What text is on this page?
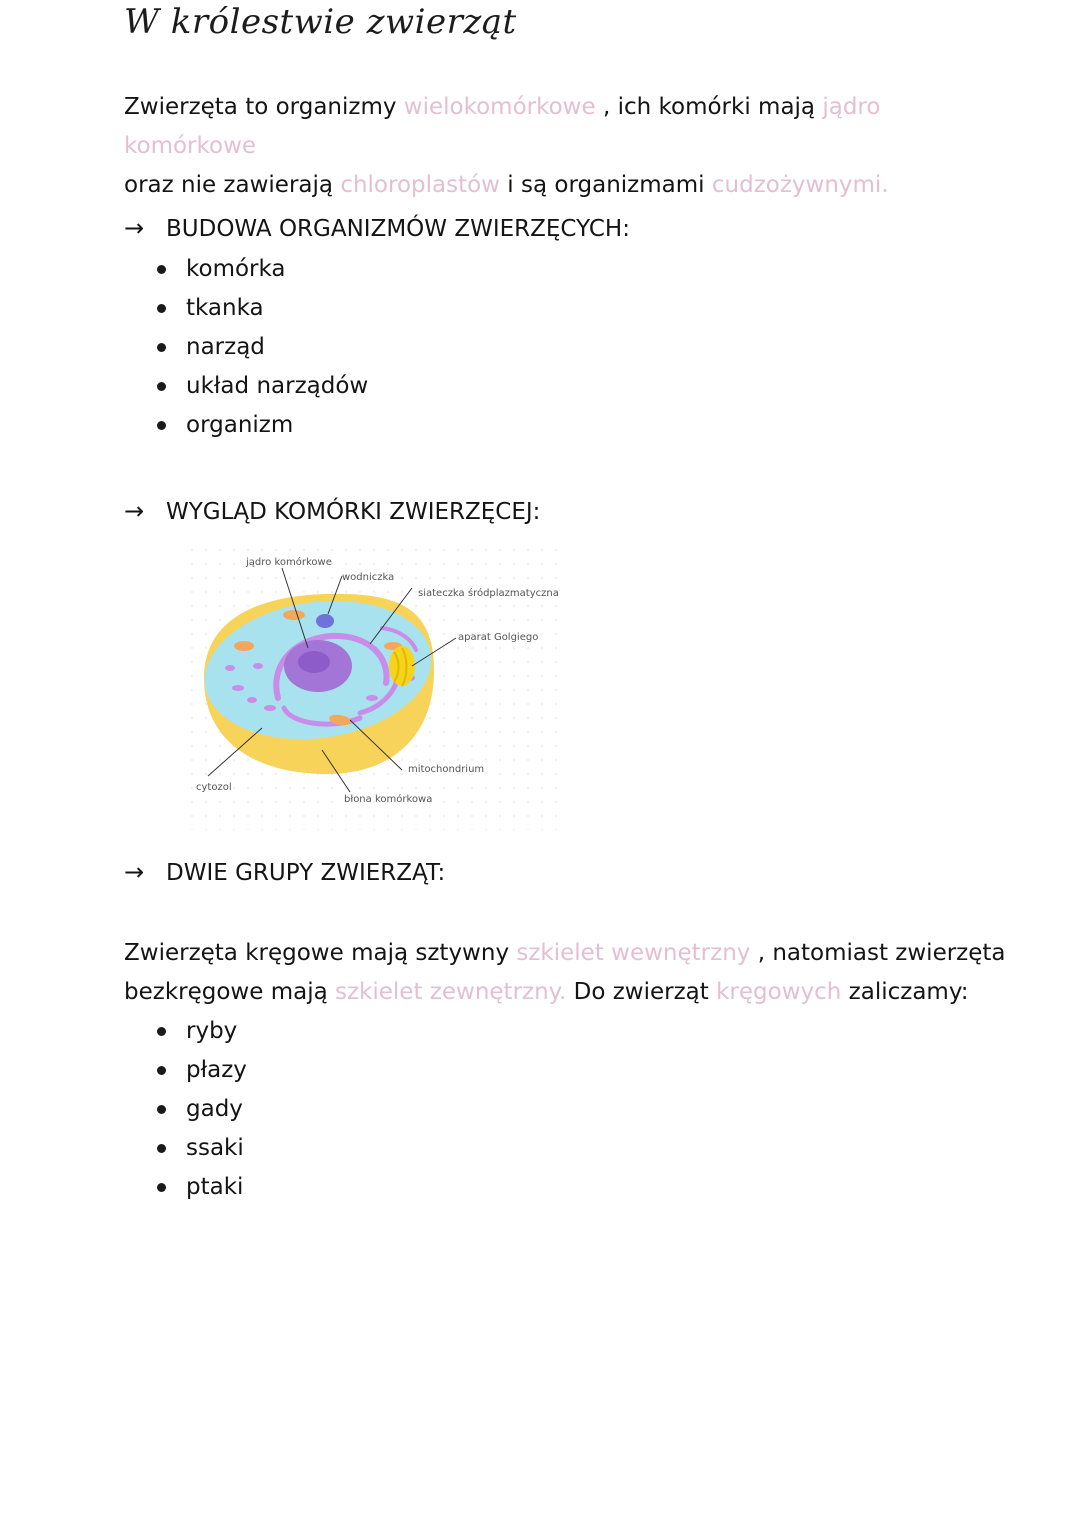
W królestwie zwierząt
Zwierzęta to organizmy wielokomórkowe , ich komórki mają jądro komórkowe
oraz nie zawierają chloroplastów i są organizmami cudzożywnymi.
→ BUDOWA ORGANIZMÓW ZWIERZĘCYCH:
komórka
tkanka
narząd
układ narządów
organizm
→ WYGLĄD KOMÓRKI ZWIERZĘCEJ:
jądro komórkowe
wodniczka
siateczka śródplazmatyczna
aparat Golgiego
mitochondrium
cytozol
błona komórkowa
→ DWIE GRUPY ZWIERZĄT:
Zwierzęta kręgowe mają sztywny szkielet wewnętrzny , natomiast zwierzęta
bezkręgowe mają szkielet zewnętrzny. Do zwierząt kręgowych zaliczamy:
ryby
płazy
gady
ssaki
ptaki
